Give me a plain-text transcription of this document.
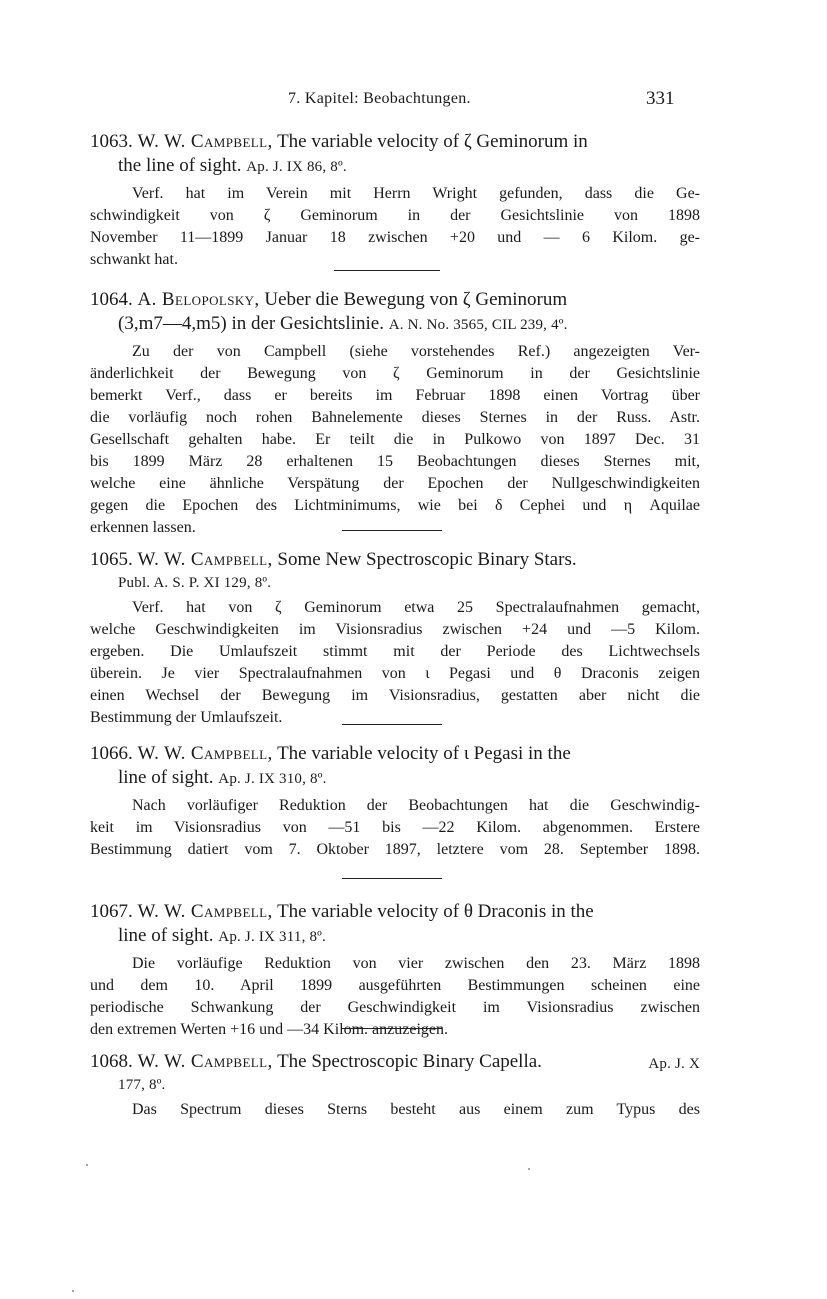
7. Kapitel: Beobachtungen.	331
1063. W. W. Campbell, The variable velocity of ζ Geminorum in
the line of sight. Ap. J. IX 86, 8º.
Verf. hat im Verein mit Herrn Wright gefunden, dass die Ge-
schwindigkeit von ζ Geminorum in der Gesichtslinie von 1898
November 11—1899 Januar 18 zwischen +20 und — 6 Kilom. ge-
schwankt hat.
1064. A. Belopolsky, Ueber die Bewegung von ζ Geminorum
(3,m7—4,m5) in der Gesichtslinie. A. N. No. 3565, CIL 239, 4º.
Zu der von Campbell (siehe vorstehendes Ref.) angezeigten Ver-
änderlichkeit der Bewegung von ζ Geminorum in der Gesichtslinie
bemerkt Verf., dass er bereits im Februar 1898 einen Vortrag über
die vorläufig noch rohen Bahnelemente dieses Sternes in der Russ. Astr.
Gesellschaft gehalten habe. Er teilt die in Pulkowo von 1897 Dec. 31
bis 1899 März 28 erhaltenen 15 Beobachtungen dieses Sternes mit,
welche eine ähnliche Verspätung der Epochen der Nullgeschwindigkeiten
gegen die Epochen des Lichtminimums, wie bei δ Cephei und η Aquilae
erkennen lassen.
1065. W. W. Campbell, Some New Spectroscopic Binary Stars.
Publ. A. S. P. XI 129, 8º.
Verf. hat von ζ Geminorum etwa 25 Spectralaufnahmen gemacht,
welche Geschwindigkeiten im Visionsradius zwischen +24 und —5 Kilom.
ergeben. Die Umlaufszeit stimmt mit der Periode des Lichtwechsels
überein. Je vier Spectralaufnahmen von ι Pegasi und θ Draconis zeigen
einen Wechsel der Bewegung im Visionsradius, gestatten aber nicht die
Bestimmung der Umlaufszeit.
1066. W. W. Campbell, The variable velocity of ι Pegasi in the
line of sight. Ap. J. IX 310, 8º.
Nach vorläufiger Reduktion der Beobachtungen hat die Geschwindig-
keit im Visionsradius von —51 bis —22 Kilom. abgenommen. Erstere
Bestimmung datiert vom 7. Oktober 1897, letztere vom 28. September 1898.
1067. W. W. Campbell, The variable velocity of θ Draconis in the
line of sight. Ap. J. IX 311, 8º.
Die vorläufige Reduktion von vier zwischen den 23. März 1898
und dem 10. April 1899 ausgeführten Bestimmungen scheinen eine
periodische Schwankung der Geschwindigkeit im Visionsradius zwischen
den extremen Werten +16 und —34 Kilom. anzuzeigen.
1068. W. W. Campbell, The Spectroscopic Binary Capella.	Ap. J. X
177, 8º.
Das Spectrum dieses Sterns besteht aus einem zum Typus des
